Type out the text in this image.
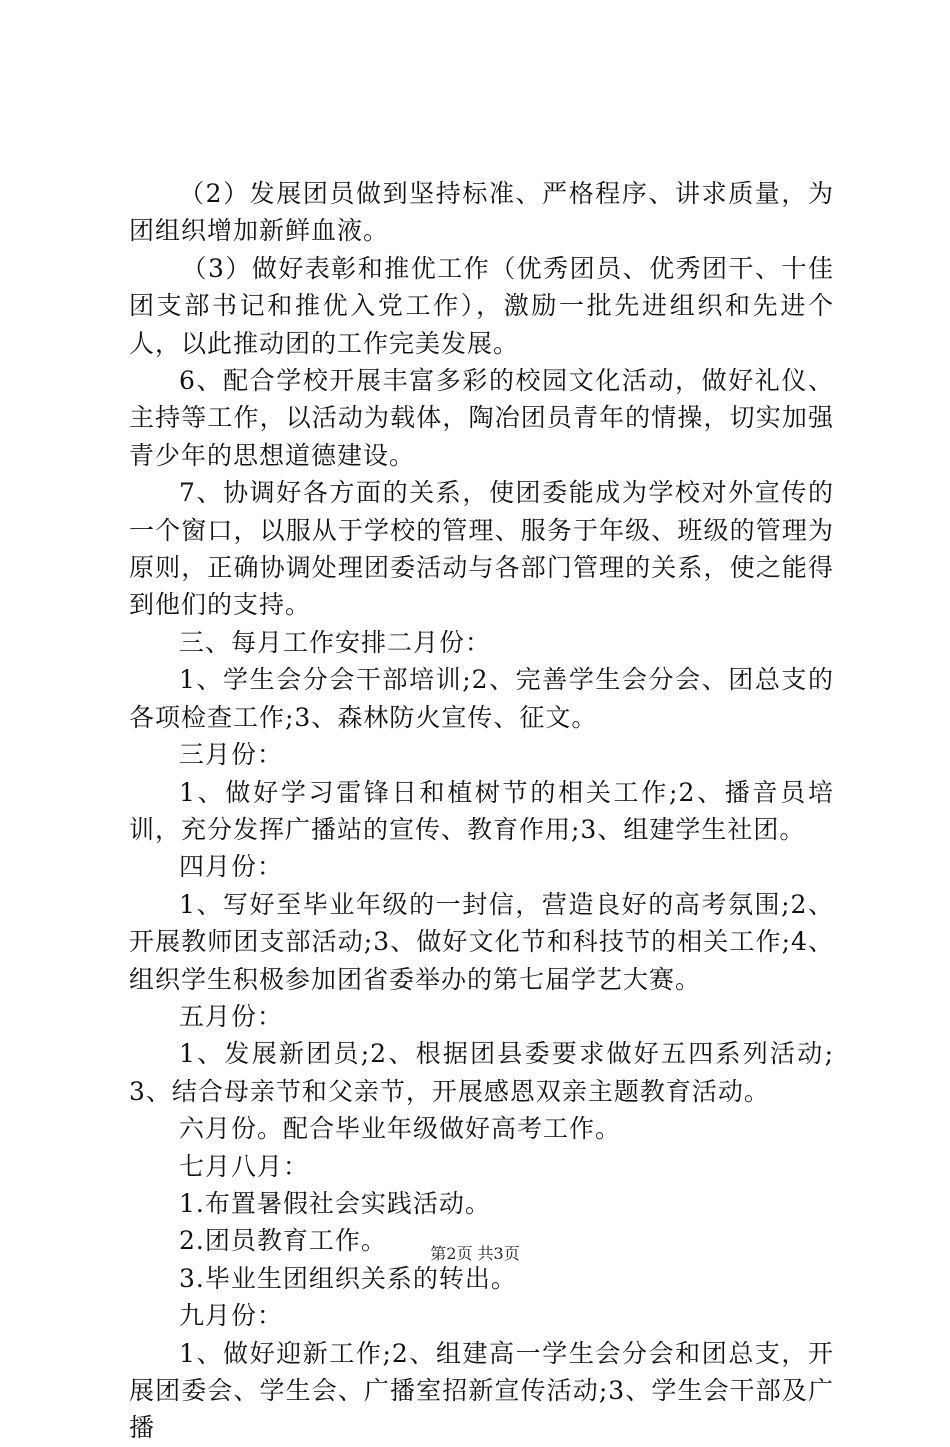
（2）发展团员做到坚持标准、严格程序、讲求质量，为团组织增加新鲜血液。

（3）做好表彰和推优工作（优秀团员、优秀团干、十佳团支部书记和推优入党工作），激励一批先进组织和先进个人，以此推动团的工作完美发展。

6、配合学校开展丰富多彩的校园文化活动，做好礼仪、主持等工作，以活动为载体，陶冶团员青年的情操，切实加强青少年的思想道德建设。

7、协调好各方面的关系，使团委能成为学校对外宣传的一个窗口，以服从于学校的管理、服务于年级、班级的管理为原则，正确协调处理团委活动与各部门管理的关系，使之能得到他们的支持。

三、每月工作安排二月份：

1、学生会分会干部培训;2、完善学生会分会、团总支的各项检查工作;3、森林防火宣传、征文。

三月份：

1、做好学习雷锋日和植树节的相关工作;2、播音员培训，充分发挥广播站的宣传、教育作用;3、组建学生社团。

四月份：

1、写好至毕业年级的一封信，营造良好的高考氛围;2、开展教师团支部活动;3、做好文化节和科技节的相关工作;4、组织学生积极参加团省委举办的第七届学艺大赛。

五月份：

1、发展新团员;2、根据团县委要求做好五四系列活动;3、结合母亲节和父亲节，开展感恩双亲主题教育活动。

六月份。配合毕业年级做好高考工作。

七月八月：

1.布置暑假社会实践活动。

2.团员教育工作。

3.毕业生团组织关系的转出。

九月份：

1、做好迎新工作;2、组建高一学生会分会和团总支，开展团委会、学生会、广播室招新宣传活动;3、学生会干部及广播

第2页 共3页
